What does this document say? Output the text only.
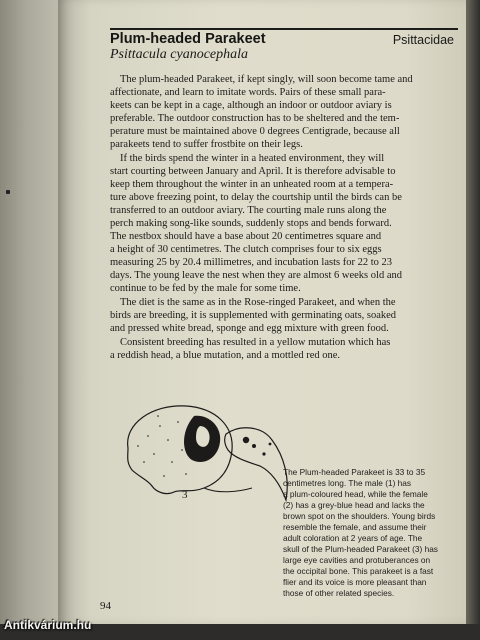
Plum-headed Parakeet	Psittacidae
Psittacula cyanocephala
The plum-headed Parakeet, if kept singly, will soon become tame and
affectionate, and learn to imitate words. Pairs of these small para-
keets can be kept in a cage, although an indoor or outdoor aviary is
preferable. The outdoor construction has to be sheltered and the tem-
perature must be maintained above 0 degrees Centigrade, because all
parakeets tend to suffer frostbite on their legs.
If the birds spend the winter in a heated environment, they will
start courting between January and April. It is therefore advisable to
keep them throughout the winter in an unheated room at a tempera-
ture above freezing point, to delay the courtship until the birds can be
transferred to an outdoor aviary. The courting male runs along the
perch making song-like sounds, suddenly stops and bends forward.
The nestbox should have a base about 20 centimetres square and
a height of 30 centimetres. The clutch comprises four to six eggs
measuring 25 by 20.4 millimetres, and incubation lasts for 22 to 23
days. The young leave the nest when they are almost 6 weeks old and
continue to be fed by the male for some time.
The diet is the same as in the Rose-ringed Parakeet, and when the
birds are breeding, it is supplemented with germinating oats, soaked
and pressed white bread, sponge and egg mixture with green food.
Consistent breeding has resulted in a yellow mutation which has
a reddish head, a blue mutation, and a mottled red one.
3
The Plum-headed Parakeet is 33 to 35
centimetres long. The male (1) has
a plum-coloured head, while the female
(2) has a grey-blue head and lacks the
brown spot on the shoulders. Young birds
resemble the female, and assume their
adult coloration at 2 years of age. The
skull of the Plum-headed Parakeet (3) has
large eye cavities and protuberances on
the occipital bone. This parakeet is a fast
flier and its voice is more pleasant than
those of other related species.
94
Antikvárium.hu
